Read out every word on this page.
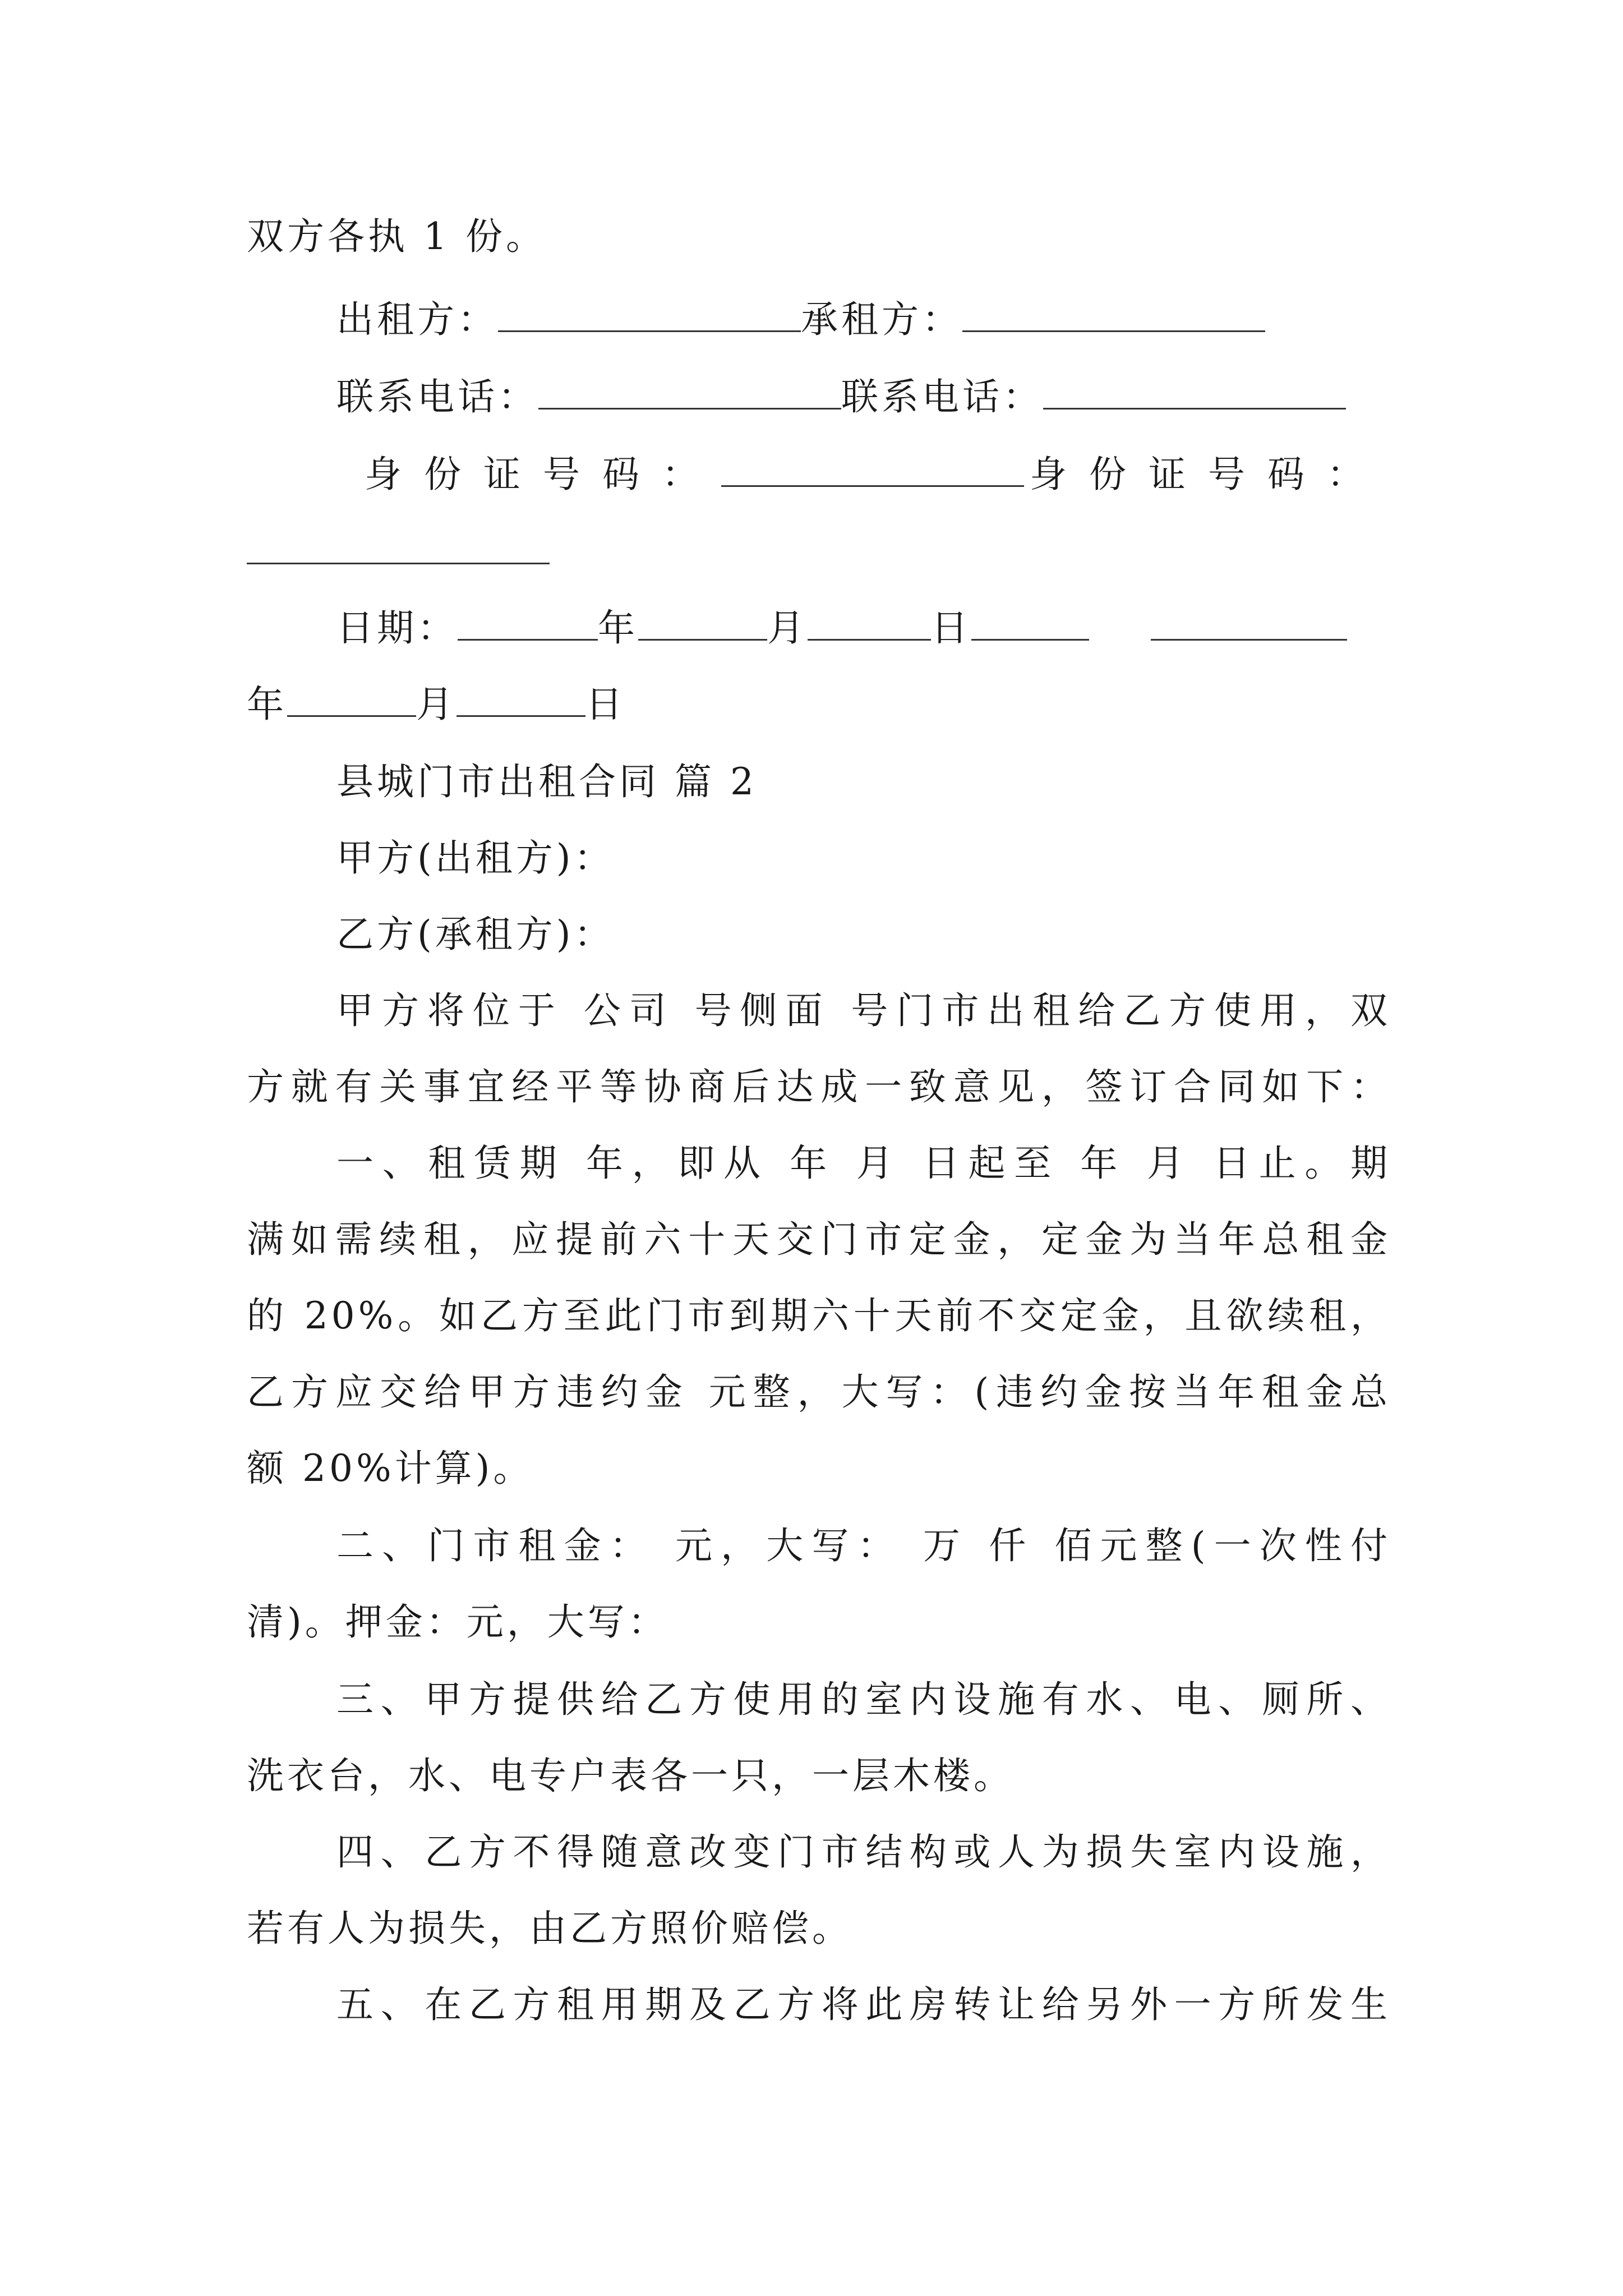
双方各执 1 份。
出租方：	承租方：
联系电话：	联系电话：
身份证号码：	身份证号码：
日期：	年	月	日
年	月	日
县城门市出租合同 篇 2
甲方(出租方)：
乙方(承租方)：
甲方将位于 公司 号侧面 号门市出租给乙方使用，双
方就有关事宜经平等协商后达成一致意见，签订合同如下：
一、租赁期 年，即从 年 月 日起至 年 月 日止。期
满如需续租，应提前六十天交门市定金，定金为当年总租金
的 20%。如乙方至此门市到期六十天前不交定金，且欲续租，
乙方应交给甲方违约金 元整，大写：(违约金按当年租金总
额 20%计算)。
二、门市租金： 元，大写： 万 仟 佰元整(一次性付
清)。押金：元，大写：
三、甲方提供给乙方使用的室内设施有水、电、厕所、
洗衣台，水、电专户表各一只，一层木楼。
四、乙方不得随意改变门市结构或人为损失室内设施，
若有人为损失，由乙方照价赔偿。
五、在乙方租用期及乙方将此房转让给另外一方所发生
